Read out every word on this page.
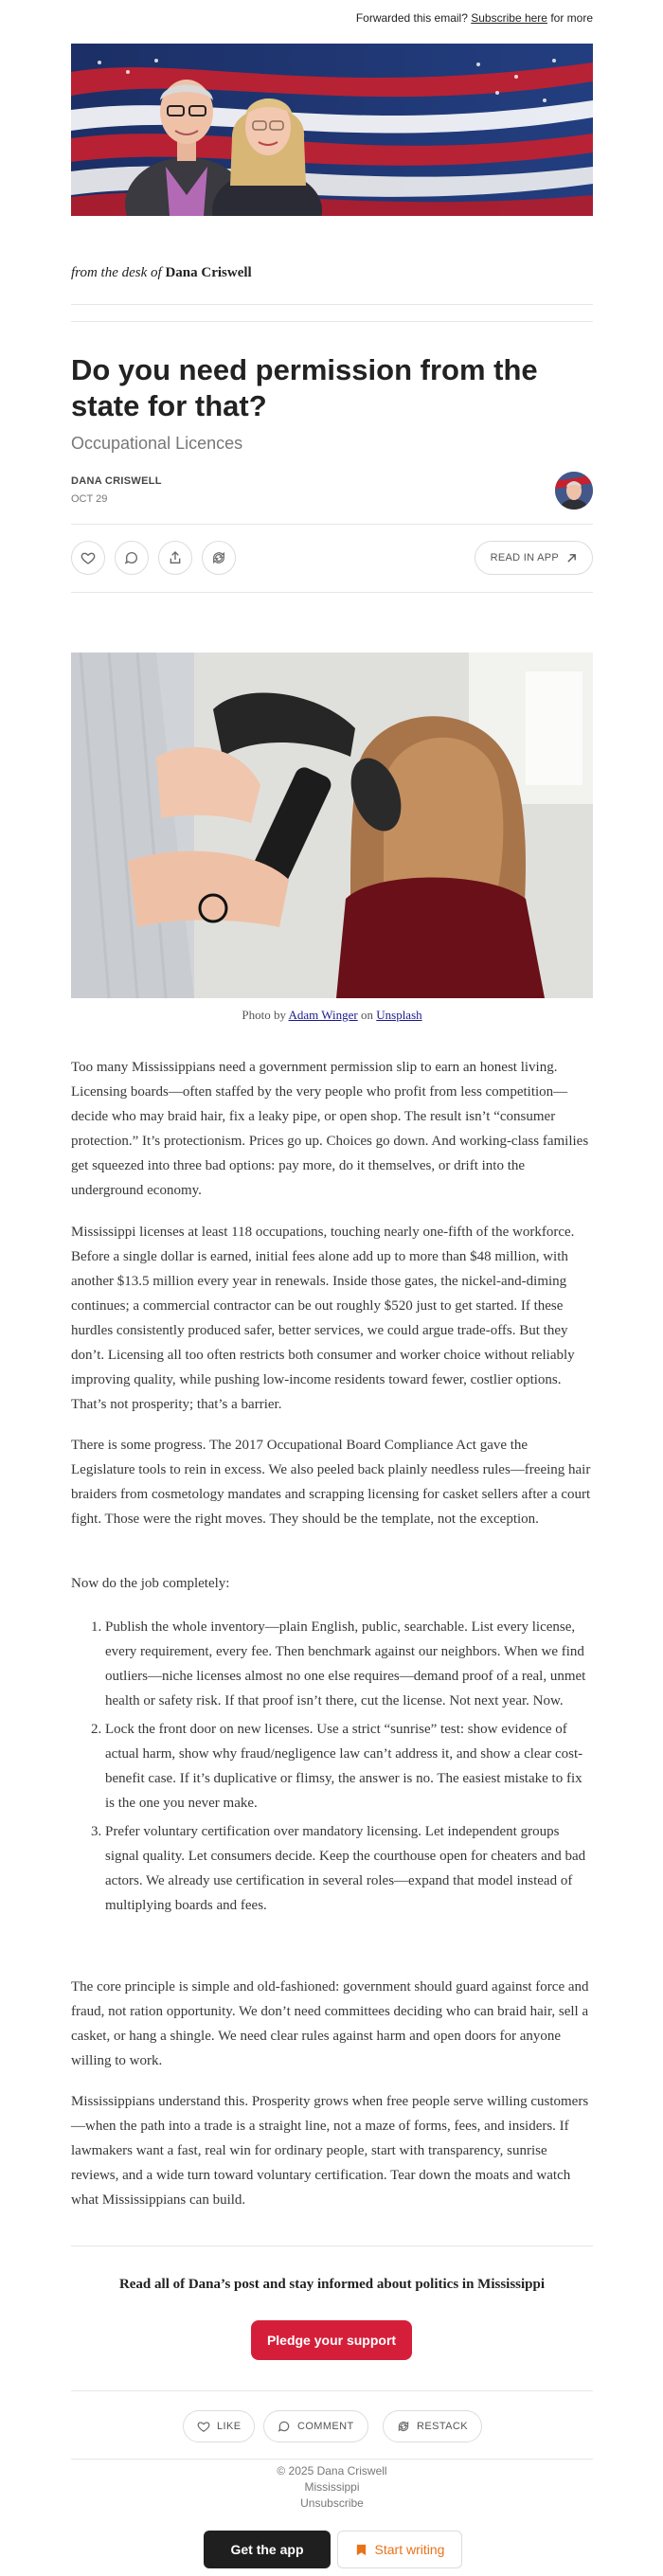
Forwarded this email? Subscribe here for more
from the desk of Dana Criswell
Do you need permission from the state for that?
Occupational Licences
DANA CRISWELL
OCT 29
READ IN APP
Photo by Adam Winger on Unsplash

Too many Mississippians need a government permission slip to earn an honest living. Licensing boards—often staffed by the very people who profit from less competition—decide who may braid hair, fix a leaky pipe, or open shop. The result isn’t “consumer protection.” It’s protectionism. Prices go up. Choices go down. And working-class families get squeezed into three bad options: pay more, do it themselves, or drift into the underground economy.

Mississippi licenses at least 118 occupations, touching nearly one-fifth of the workforce. Before a single dollar is earned, initial fees alone add up to more than $48 million, with another $13.5 million every year in renewals. Inside those gates, the nickel-and-diming continues; a commercial contractor can be out roughly $520 just to get started. If these hurdles consistently produced safer, better services, we could argue trade-offs. But they don’t. Licensing all too often restricts both consumer and worker choice without reliably improving quality, while pushing low-income residents toward fewer, costlier options. That’s not prosperity; that’s a barrier.

There is some progress. The 2017 Occupational Board Compliance Act gave the Legislature tools to rein in excess. We also peeled back plainly needless rules—freeing hair braiders from cosmetology mandates and scrapping licensing for casket sellers after a court fight. Those were the right moves. They should be the template, not the exception.

Now do the job completely:

1. Publish the whole inventory—plain English, public, searchable. List every license, every requirement, every fee. Then benchmark against our neighbors. When we find outliers—niche licenses almost no one else requires—demand proof of a real, unmet health or safety risk. If that proof isn’t there, cut the license. Not next year. Now.
2. Lock the front door on new licenses. Use a strict “sunrise” test: show evidence of actual harm, show why fraud/negligence law can’t address it, and show a clear cost-benefit case. If it’s duplicative or flimsy, the answer is no. The easiest mistake to fix is the one you never make.
3. Prefer voluntary certification over mandatory licensing. Let independent groups signal quality. Let consumers decide. Keep the courthouse open for cheaters and bad actors. We already use certification in several roles—expand that model instead of multiplying boards and fees.

The core principle is simple and old-fashioned: government should guard against force and fraud, not ration opportunity. We don’t need committees deciding who can braid hair, sell a casket, or hang a shingle. We need clear rules against harm and open doors for anyone willing to work.

Mississippians understand this. Prosperity grows when free people serve willing customers—when the path into a trade is a straight line, not a maze of forms, fees, and insiders. If lawmakers want a fast, real win for ordinary people, start with transparency, sunrise reviews, and a wide turn toward voluntary certification. Tear down the moats and watch what Mississippians can build.

Read all of Dana’s post and stay informed about politics in Mississippi
Pledge your support
LIKE	COMMENT	RESTACK
© 2025 Dana Criswell
Mississippi
Unsubscribe
Get the app	Start writing
